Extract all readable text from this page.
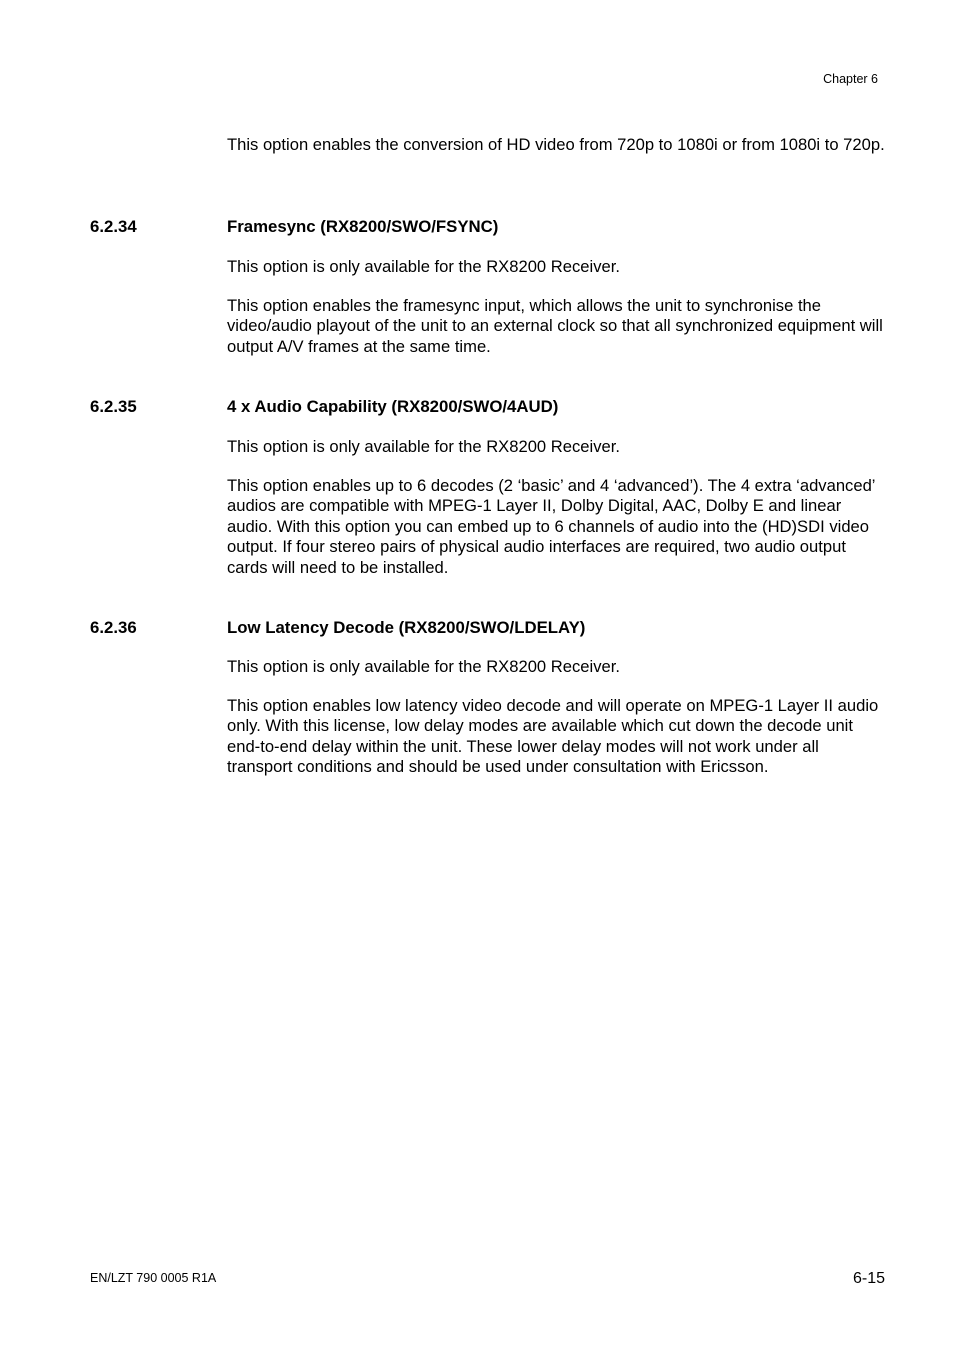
Chapter 6

This option enables the conversion of HD video from 720p to 1080i or from 1080i to 720p.

6.2.34	Framesync (RX8200/SWO/FSYNC)

This option is only available for the RX8200 Receiver.

This option enables the framesync input, which allows the unit to synchronise the video/audio playout of the unit to an external clock so that all synchronized equipment will output A/V frames at the same time.

6.2.35	4 x Audio Capability (RX8200/SWO/4AUD)

This option is only available for the RX8200 Receiver.

This option enables up to 6 decodes (2 ‘basic’ and 4 ‘advanced’). The 4 extra ‘advanced’ audios are compatible with MPEG-1 Layer II, Dolby Digital, AAC, Dolby E and linear audio. With this option you can embed up to 6 channels of audio into the (HD)SDI video output. If four stereo pairs of physical audio interfaces are required, two audio output cards will need to be installed.

6.2.36	Low Latency Decode (RX8200/SWO/LDELAY)

This option is only available for the RX8200 Receiver.

This option enables low latency video decode and will operate on MPEG-1 Layer II audio only. With this license, low delay modes are available which cut down the decode unit end-to-end delay within the unit. These lower delay modes will not work under all transport conditions and should be used under consultation with Ericsson.

EN/LZT 790 0005 R1A	6-15
